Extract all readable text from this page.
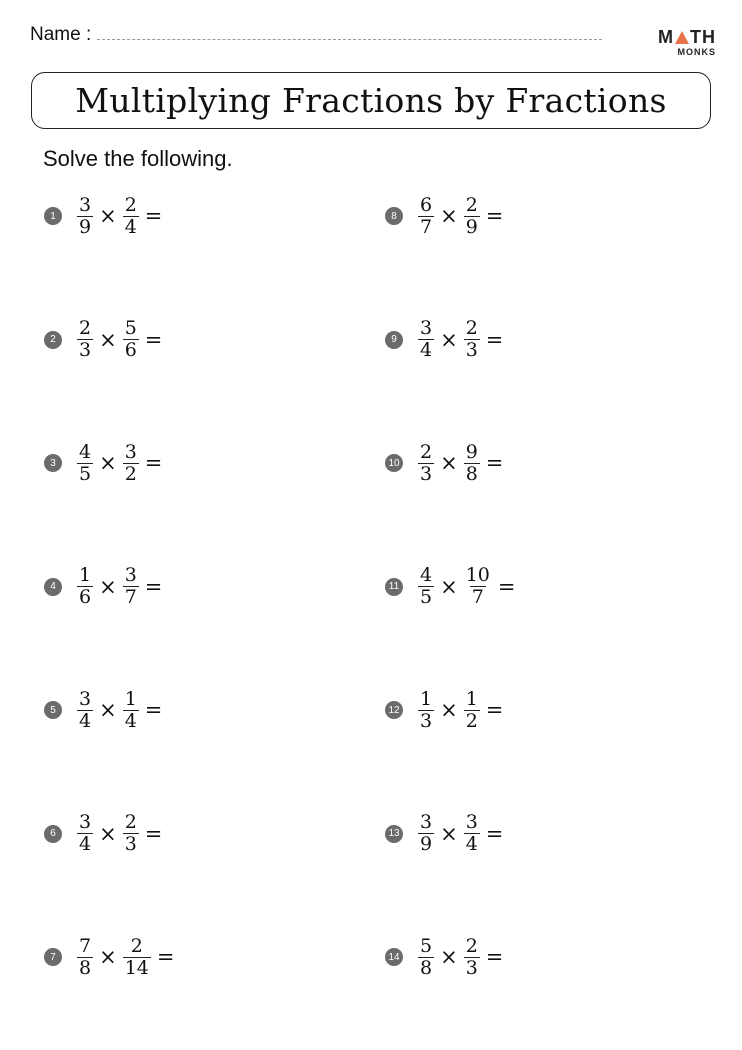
Name :	M TH
MONKS
Multiplying Fractions by Fractions
Solve the following.
1	$\frac{3}{9} \times \frac{2}{4}$ =
2	$\frac{2}{3} \times \frac{5}{6}$ =
3	$\frac{4}{5} \times \frac{3}{2}$ =
4	$\frac{1}{6} \times \frac{3}{7}$ =
5	$\frac{3}{4} \times \frac{1}{4}$ =
6	$\frac{3}{4} \times \frac{2}{3}$ =
7	$\frac{7}{8} \times \frac{2}{14}$ =
8	$\frac{6}{7} \times \frac{2}{9}$ =
9	$\frac{3}{4} \times \frac{2}{3}$ =
$10 \frac{2}{3} \times \frac{9}{8}$ =
$11 \frac{4}{5} \times \frac{10}{7}$ =
$12 \frac{1}{3} \times \frac{1}{2}$ =
$13 \frac{3}{9} \times \frac{3}{4}$ =
$14 \frac{5}{8} \times \frac{2}{3}$ =
